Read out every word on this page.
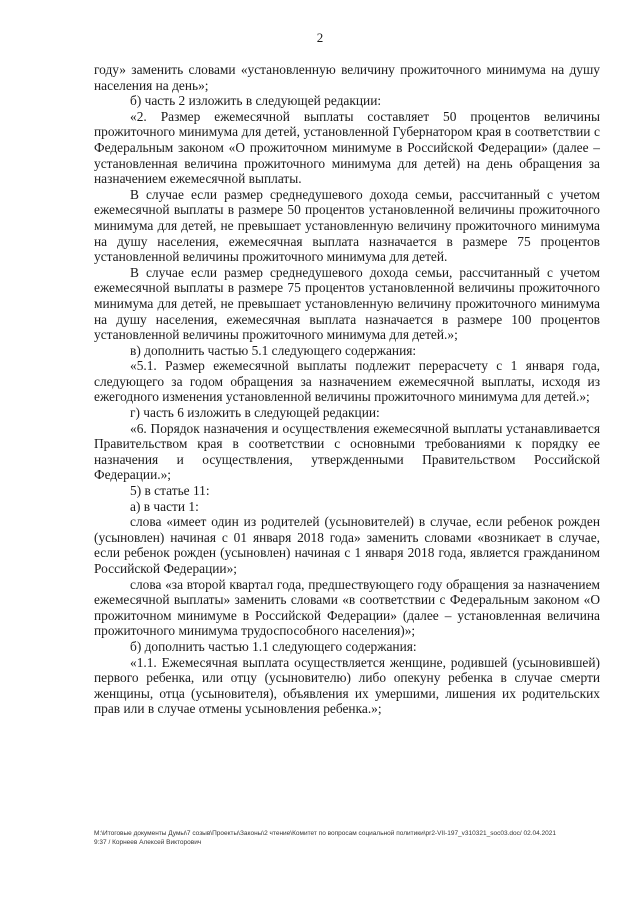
2

году» заменить словами «установленную величину прожиточного минимума на душу населения на день»;

б) часть 2 изложить в следующей редакции:

«2. Размер ежемесячной выплаты составляет 50 процентов величины прожиточного минимума для детей, установленной Губернатором края в соответствии с Федеральным законом «О прожиточном минимуме в Российской Федерации» (далее – установленная величина прожиточного минимума для детей) на день обращения за назначением ежемесячной выплаты.

В случае если размер среднедушевого дохода семьи, рассчитанный с учетом ежемесячной выплаты в размере 50 процентов установленной величины прожиточного минимума для детей, не превышает установленную величину прожиточного минимума на душу населения, ежемесячная выплата назначается в размере 75 процентов установленной величины прожиточного минимума для детей.

В случае если размер среднедушевого дохода семьи, рассчитанный с учетом ежемесячной выплаты в размере 75 процентов установленной величины прожиточного минимума для детей, не превышает установленную величину прожиточного минимума на душу населения, ежемесячная выплата назначается в размере 100 процентов установленной величины прожиточного минимума для детей.»;

в) дополнить частью 5.1 следующего содержания:

«5.1. Размер ежемесячной выплаты подлежит перерасчету с 1 января года, следующего за годом обращения за назначением ежемесячной выплаты, исходя из ежегодного изменения установленной величины прожиточного минимума для детей.»;

г) часть 6 изложить в следующей редакции:

«6. Порядок назначения и осуществления ежемесячной выплаты устанавливается Правительством края в соответствии с основными требованиями к порядку ее назначения и осуществления, утвержденными Правительством Российской Федерации.»;

5) в статье 11:

а) в части 1:

слова «имеет один из родителей (усыновителей) в случае, если ребенок рожден (усыновлен) начиная с 01 января 2018 года» заменить словами «возникает в случае, если ребенок рожден (усыновлен) начиная с 1 января 2018 года, является гражданином Российской Федерации»;

слова «за второй квартал года, предшествующего году обращения за назначением ежемесячной выплаты» заменить словами «в соответствии с Федеральным законом «О прожиточном минимуме в Российской Федерации» (далее – установленная величина прожиточного минимума трудоспособного населения)»;

б) дополнить частью 1.1 следующего содержания:

«1.1. Ежемесячная выплата осуществляется женщине, родившей (усыновившей) первого ребенка, или отцу (усыновителю) либо опекуну ребенка в случае смерти женщины, отца (усыновителя), объявления их умершими, лишения их родительских прав или в случае отмены усыновления ребенка.»;

M:\Итоговые документы Думы\7 созыв\Проекты\Законы\2 чтение\Комитет по вопросам социальной политики\pr2-VII-197_v310321_soc03.doc/ 02.04.2021
9:37 / Корнеев Алексей Викторович
